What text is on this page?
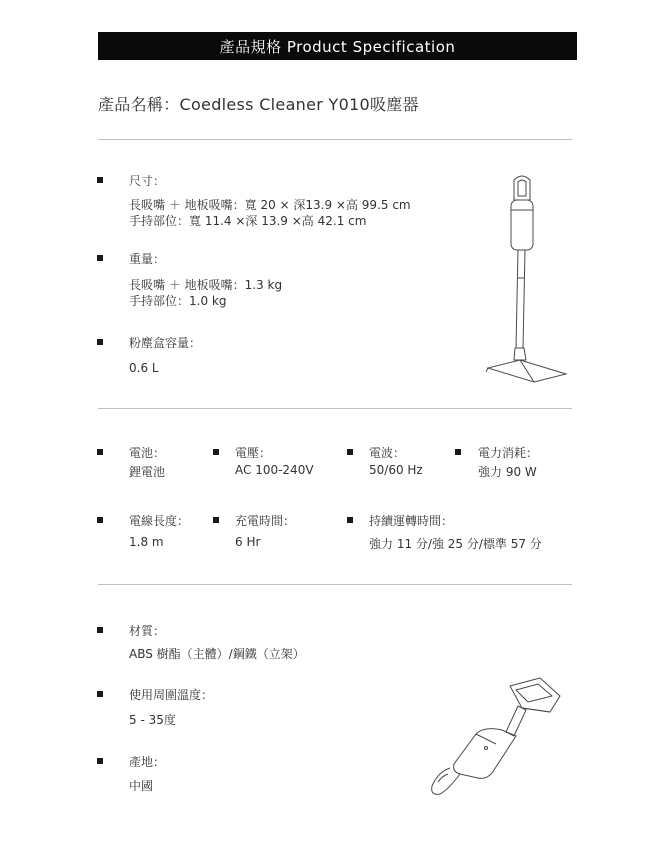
產品規格 Product Specification
產品名稱：Coedless Cleaner Y010吸塵器
尺寸：
長吸嘴 ＋ 地板吸嘴：寬 20 × 深13.9 ×高 99.5 cm
手持部位：寬 11.4 ×深 13.9 ×高 42.1 cm
重量：
長吸嘴 ＋ 地板吸嘴：1.3 kg
手持部位：1.0 kg
粉塵盒容量：
0.6 L
電池：
鋰電池
電壓：
AC 100-240V
電波：
50/60 Hz
電力消耗：
強力 90 W
電線長度：
1.8 m
充電時間：
6 Hr
持續運轉時間：
強力 11 分/強 25 分/標準 57 分
材質：
ABS 樹酯（主體）/鋼鐵（立架）
使用周圍溫度：
5 - 35度
產地：
中國
